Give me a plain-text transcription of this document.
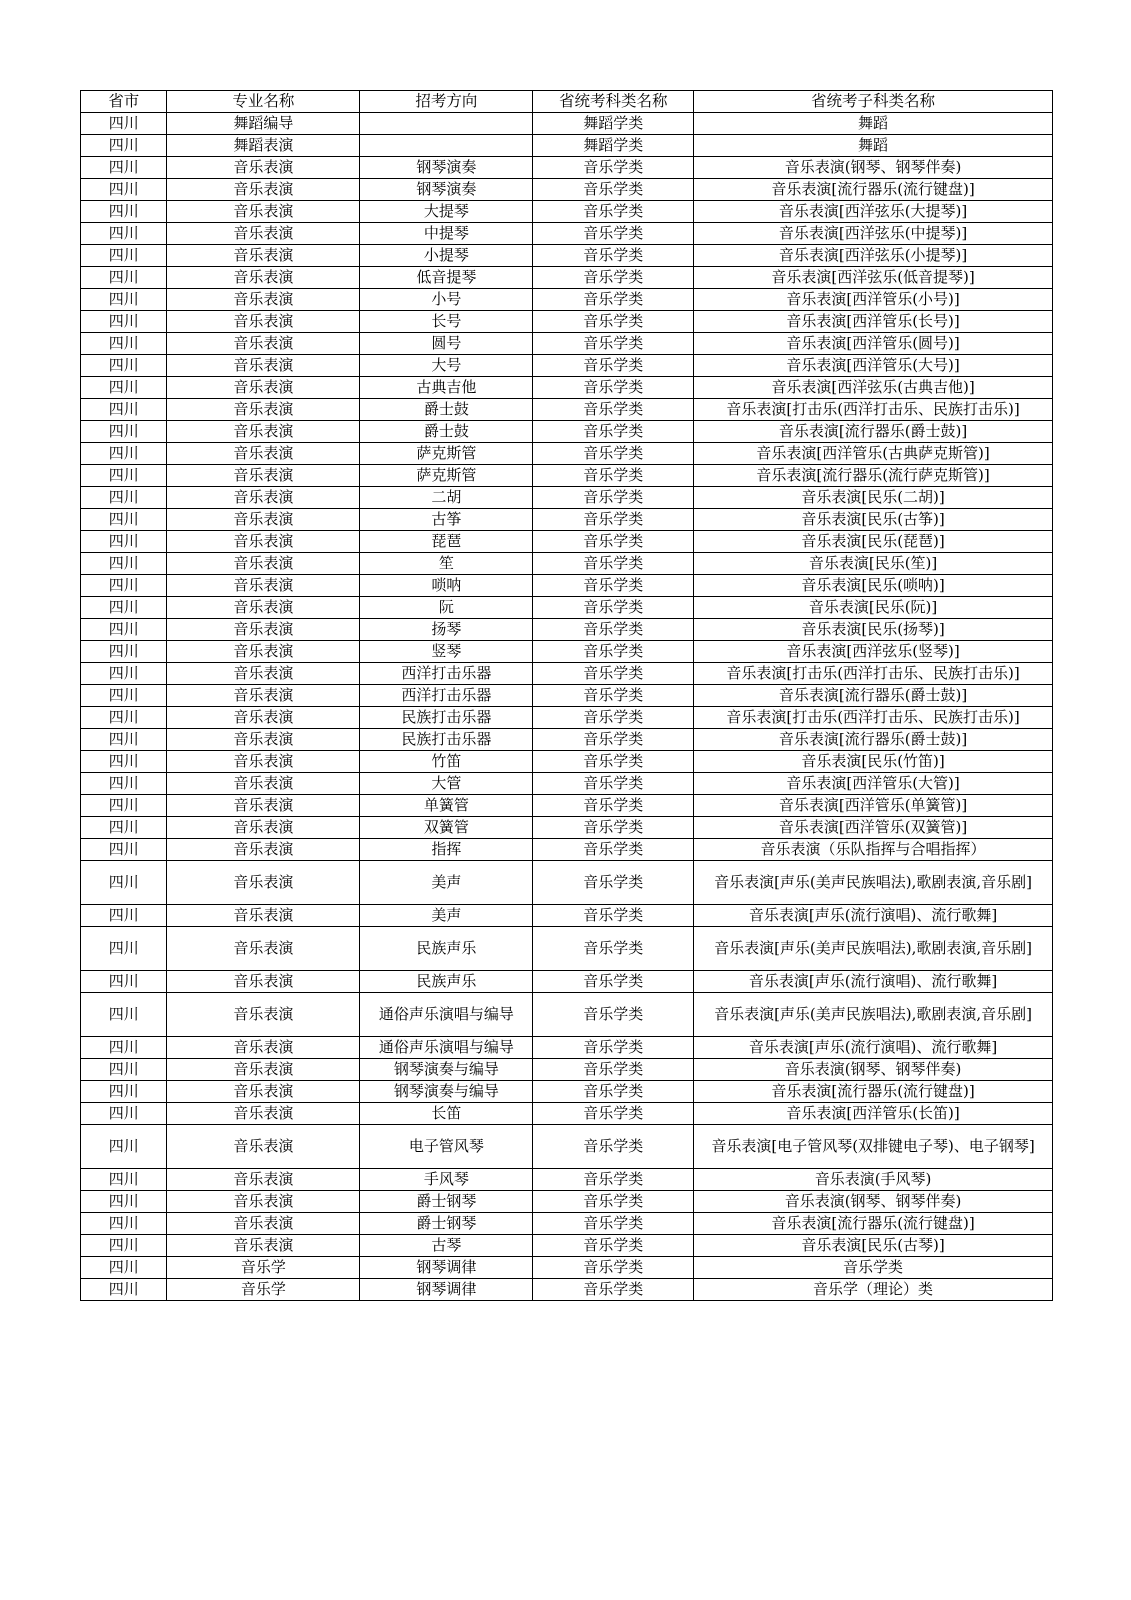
省市	专业名称	招考方向	省统考科类名称	省统考子科类名称
四川	舞蹈编导		舞蹈学类	舞蹈
四川	舞蹈表演		舞蹈学类	舞蹈
四川	音乐表演	钢琴演奏	音乐学类	音乐表演(钢琴、钢琴伴奏)
四川	音乐表演	钢琴演奏	音乐学类	音乐表演[流行器乐(流行键盘)]
四川	音乐表演	大提琴	音乐学类	音乐表演[西洋弦乐(大提琴)]
四川	音乐表演	中提琴	音乐学类	音乐表演[西洋弦乐(中提琴)]
四川	音乐表演	小提琴	音乐学类	音乐表演[西洋弦乐(小提琴)]
四川	音乐表演	低音提琴	音乐学类	音乐表演[西洋弦乐(低音提琴)]
四川	音乐表演	小号	音乐学类	音乐表演[西洋管乐(小号)]
四川	音乐表演	长号	音乐学类	音乐表演[西洋管乐(长号)]
四川	音乐表演	圆号	音乐学类	音乐表演[西洋管乐(圆号)]
四川	音乐表演	大号	音乐学类	音乐表演[西洋管乐(大号)]
四川	音乐表演	古典吉他	音乐学类	音乐表演[西洋弦乐(古典吉他)]
四川	音乐表演	爵士鼓	音乐学类	音乐表演[打击乐(西洋打击乐、民族打击乐)]
四川	音乐表演	爵士鼓	音乐学类	音乐表演[流行器乐(爵士鼓)]
四川	音乐表演	萨克斯管	音乐学类	音乐表演[西洋管乐(古典萨克斯管)]
四川	音乐表演	萨克斯管	音乐学类	音乐表演[流行器乐(流行萨克斯管)]
四川	音乐表演	二胡	音乐学类	音乐表演[民乐(二胡)]
四川	音乐表演	古筝	音乐学类	音乐表演[民乐(古筝)]
四川	音乐表演	琵琶	音乐学类	音乐表演[民乐(琵琶)]
四川	音乐表演	笙	音乐学类	音乐表演[民乐(笙)]
四川	音乐表演	唢呐	音乐学类	音乐表演[民乐(唢呐)]
四川	音乐表演	阮	音乐学类	音乐表演[民乐(阮)]
四川	音乐表演	扬琴	音乐学类	音乐表演[民乐(扬琴)]
四川	音乐表演	竖琴	音乐学类	音乐表演[西洋弦乐(竖琴)]
四川	音乐表演	西洋打击乐器	音乐学类	音乐表演[打击乐(西洋打击乐、民族打击乐)]
四川	音乐表演	西洋打击乐器	音乐学类	音乐表演[流行器乐(爵士鼓)]
四川	音乐表演	民族打击乐器	音乐学类	音乐表演[打击乐(西洋打击乐、民族打击乐)]
四川	音乐表演	民族打击乐器	音乐学类	音乐表演[流行器乐(爵士鼓)]
四川	音乐表演	竹笛	音乐学类	音乐表演[民乐(竹笛)]
四川	音乐表演	大管	音乐学类	音乐表演[西洋管乐(大管)]
四川	音乐表演	单簧管	音乐学类	音乐表演[西洋管乐(单簧管)]
四川	音乐表演	双簧管	音乐学类	音乐表演[西洋管乐(双簧管)]
四川	音乐表演	指挥	音乐学类	音乐表演（乐队指挥与合唱指挥）
四川	音乐表演	美声	音乐学类	音乐表演[声乐(美声民族唱法),歌剧表演,音乐剧]
四川	音乐表演	美声	音乐学类	音乐表演[声乐(流行演唱)、流行歌舞]
四川	音乐表演	民族声乐	音乐学类	音乐表演[声乐(美声民族唱法),歌剧表演,音乐剧]
四川	音乐表演	民族声乐	音乐学类	音乐表演[声乐(流行演唱)、流行歌舞]
四川	音乐表演	通俗声乐演唱与编导	音乐学类	音乐表演[声乐(美声民族唱法),歌剧表演,音乐剧]
四川	音乐表演	通俗声乐演唱与编导	音乐学类	音乐表演[声乐(流行演唱)、流行歌舞]
四川	音乐表演	钢琴演奏与编导	音乐学类	音乐表演(钢琴、钢琴伴奏)
四川	音乐表演	钢琴演奏与编导	音乐学类	音乐表演[流行器乐(流行键盘)]
四川	音乐表演	长笛	音乐学类	音乐表演[西洋管乐(长笛)]
四川	音乐表演	电子管风琴	音乐学类	音乐表演[电子管风琴(双排键电子琴)、电子钢琴]
四川	音乐表演	手风琴	音乐学类	音乐表演(手风琴)
四川	音乐表演	爵士钢琴	音乐学类	音乐表演(钢琴、钢琴伴奏)
四川	音乐表演	爵士钢琴	音乐学类	音乐表演[流行器乐(流行键盘)]
四川	音乐表演	古琴	音乐学类	音乐表演[民乐(古琴)]
四川	音乐学	钢琴调律	音乐学类	音乐学类
四川	音乐学	钢琴调律	音乐学类	音乐学（理论）类
